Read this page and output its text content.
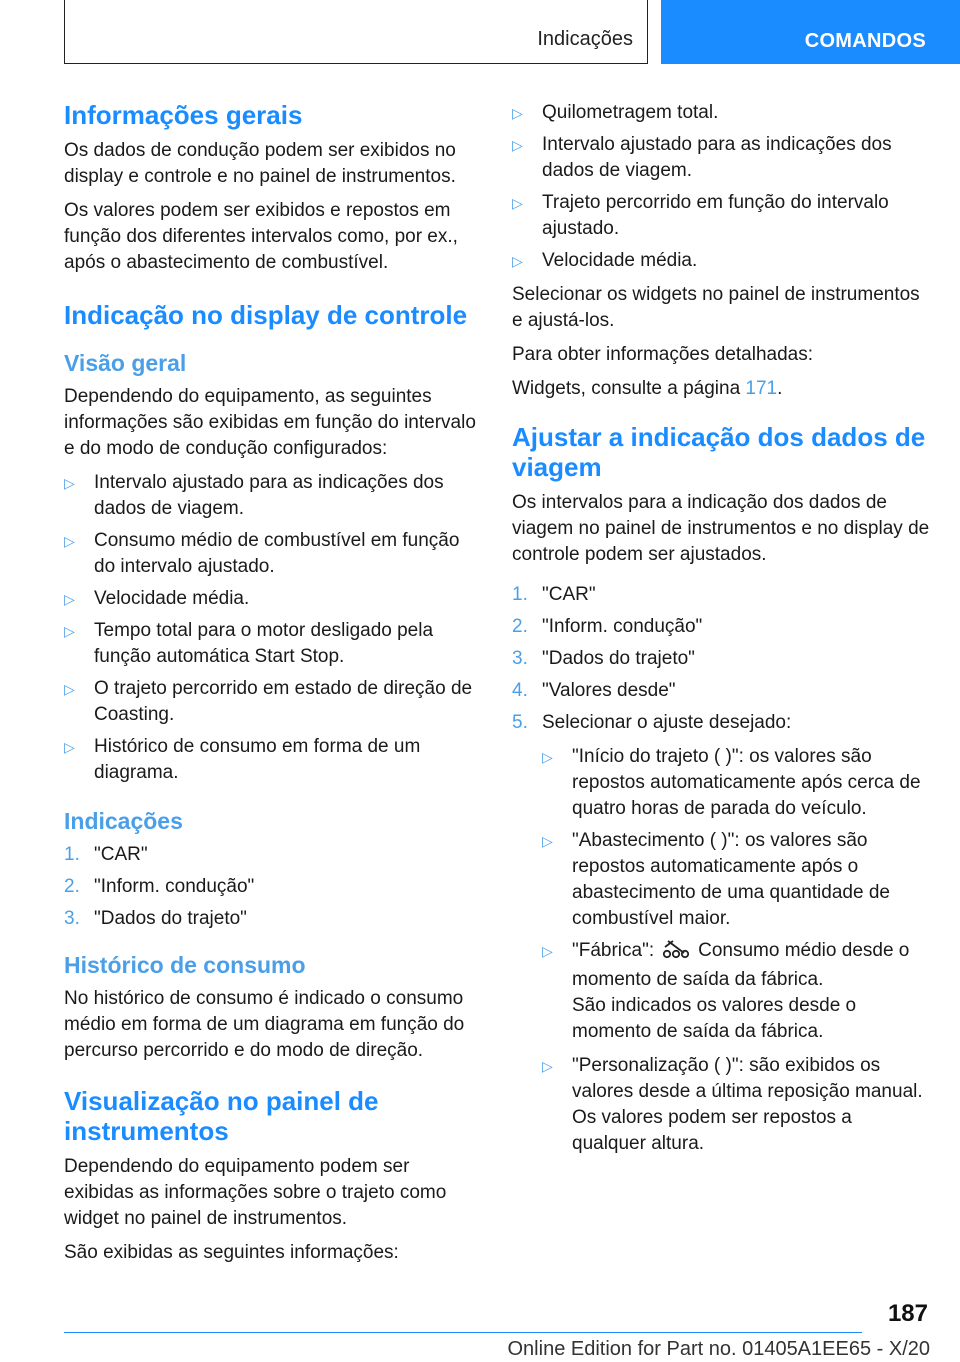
Indicações	COMANDOS
Informações gerais

Os dados de condução podem ser exibidos no display e controle e no painel de instrumentos.

Os valores podem ser exibidos e repostos em função dos diferentes intervalos como, por ex., após o abastecimento de combustível.

Indicação no display de controle
Visão geral

Dependendo do equipamento, as seguintes informações são exibidas em função do intervalo e do modo de condução configurados:

▷	Intervalo ajustado para as indicações dos dados de viagem.
▷	Consumo médio de combustível em função do intervalo ajustado.
▷	Velocidade média.
▷	Tempo total para o motor desligado pela função automática Start Stop.
▷	O trajeto percorrido em estado de direção de Coasting.
▷	Histórico de consumo em forma de um diagrama.
Indicações
1. "CAR"
2. "Inform. condução"
3. "Dados do trajeto"
Histórico de consumo

No histórico de consumo é indicado o consumo médio em forma de um diagrama em função do percurso percorrido e do modo de direção.

Visualização no painel de instrumentos

Dependendo do equipamento podem ser exibidas as informações sobre o trajeto como widget no painel de instrumentos.

São exibidas as seguintes informações:

▷	Quilometragem total.
▷	Intervalo ajustado para as indicações dos dados de viagem.
▷	Trajeto percorrido em função do intervalo ajustado.
▷	Velocidade média.

Selecionar os widgets no painel de instrumentos e ajustá-los.

Para obter informações detalhadas:

Widgets, consulte a página 171.

Ajustar a indicação dos dados de viagem

Os intervalos para a indicação dos dados de viagem no painel de instrumentos e no display de controle podem ser ajustados.

1. "CAR"
2. "Inform. condução"
3. "Dados do trajeto"
4. "Valores desde"
5. Selecionar o ajuste desejado:
▷	"Início do trajeto ( )": os valores são repostos automaticamente após cerca de quatro horas de parada do veículo.
▷	"Abastecimento ( )": os valores são repostos automaticamente após o abastecimento de uma quantidade de combustível maior.
▷	"Fábrica": Consumo médio desde o momento de saída da fábrica.

São indicados os valores desde o momento de saída da fábrica.

▷	"Personalização ( )": são exibidos os valores desde a última reposição manual. Os valores podem ser repostos a qualquer altura.
187
Online Edition for Part no. 01405A1EE65 - X/20
